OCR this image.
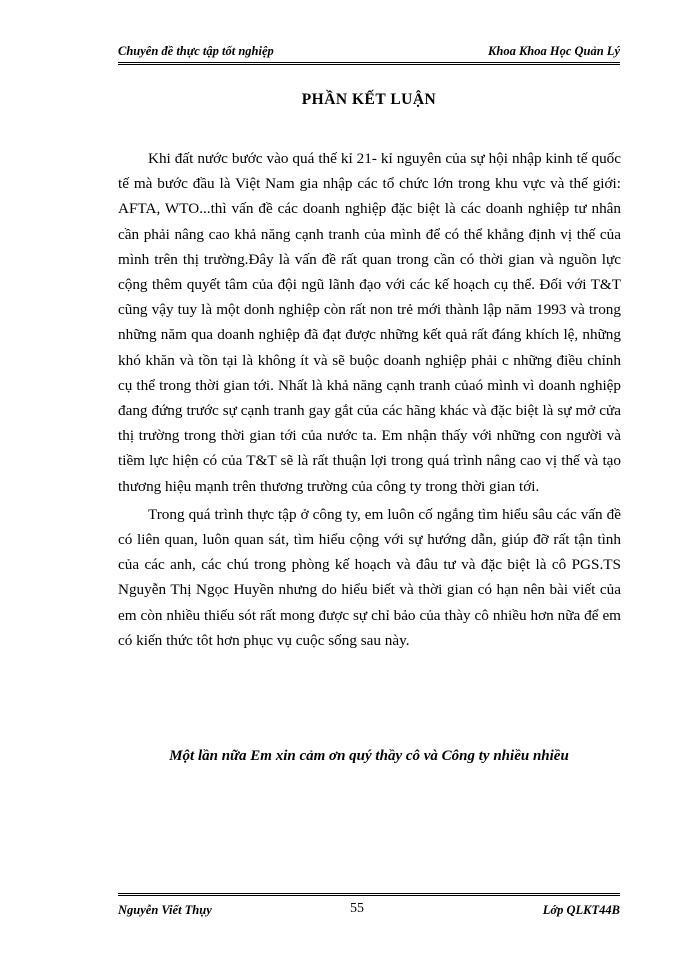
Chuyên đề thực tập tốt nghiệp	Khoa Khoa Học Quản Lý
PHẦN KẾT LUẬN

Khi đất nước bước vào quá thế kỉ 21- kỉ nguyên của sự hội nhập kinh tế quốc tế mà bước đầu là Việt Nam gia nhập các tổ chức lớn trong khu vực và thế giới: AFTA, WTO...thì vấn đề các doanh nghiệp đặc biệt là các doanh nghiệp tư nhân cần phải nâng cao khả năng cạnh tranh của mình để có thể khẳng định vị thế của mình trên thị trường.Đây là vấn đề rất quan trong cần có thời gian và nguồn lực cộng thêm quyết tâm của đội ngũ lãnh đạo với các kế hoạch cụ thể. Đối với T&T cũng vậy tuy là một donh nghiệp còn rất non trẻ mới thành lập năm 1993 và trong những năm qua doanh nghiệp đã đạt được những kết quả rất đáng khích lệ, những khó khăn và tồn tại là không ít và sẽ buộc doanh nghiệp phải c những điều chỉnh cụ thể trong thời gian tới. Nhất là khả năng cạnh tranh củaó mình vì doanh nghiệp đang đứng trước sự cạnh tranh gay gắt của các hãng khác và đặc biệt là sự mở cửa thị trường trong thời gian tới của nước ta. Em nhận thấy với những con người và tiềm lực hiện có của T&T sẽ là rất thuận lợi trong quá trình nâng cao vị thế và tạo thương hiệu mạnh trên thương trường của công ty trong thời gian tới.

Trong quá trình thực tập ở công ty, em luôn cố ngắng tìm hiểu sâu các vấn đề có liên quan, luôn quan sát, tìm hiểu cộng với sự hướng dẫn, giúp đỡ rất tận tình của các anh, các chú trong phòng kế hoạch và đâu tư và đặc biệt là cô PGS.TS Nguyễn Thị Ngọc Huyền nhưng do hiểu biết và thời gian có hạn nên bài viết của em còn nhiều thiếu sót rất mong được sự chỉ bảo của thày cô nhiều hơn nữa để em có kiến thức tôt hơn phục vụ cuộc sống sau này.

Một lần nữa Em xin cảm ơn quý thầy cô và Công ty nhiều nhiều
Nguyễn Viết Thụy	55	Lớp QLKT44B
